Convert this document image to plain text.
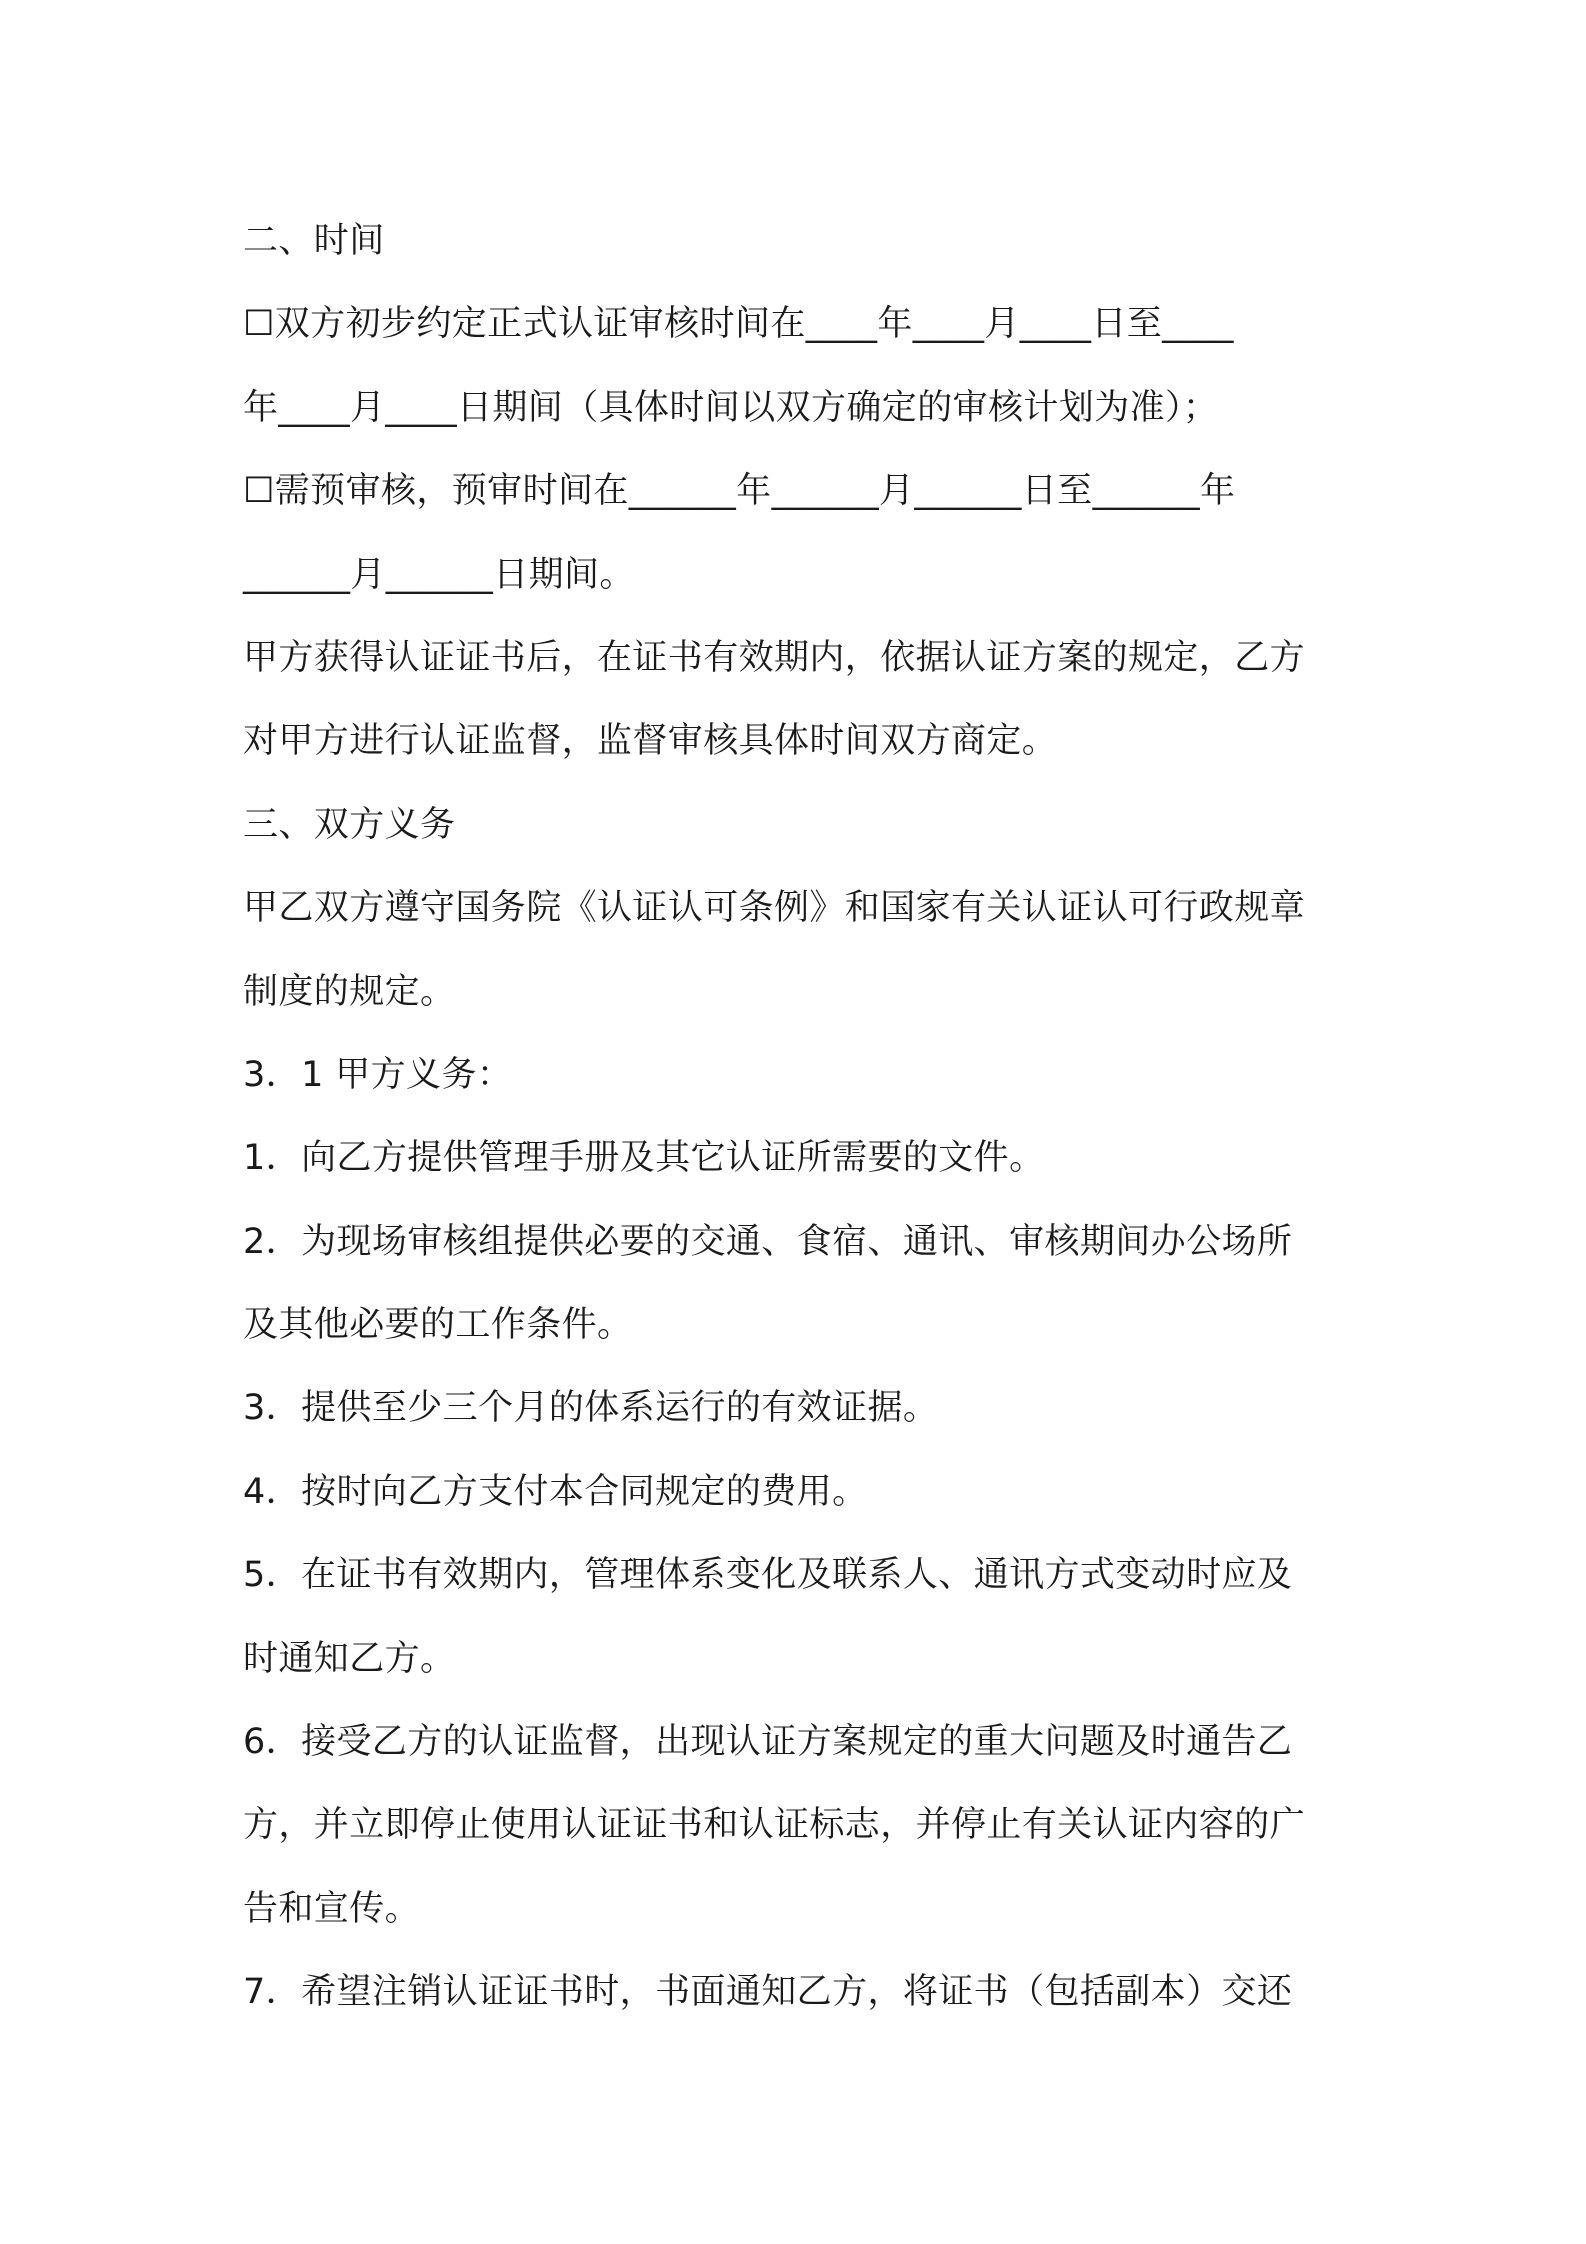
二、时间
☐双方初步约定正式认证审核时间在____年____月____日至____
年____月____日期间（具体时间以双方确定的审核计划为准）；
☐需预审核，预审时间在______年______月______日至______年
______月______日期间。
甲方获得认证证书后，在证书有效期内，依据认证方案的规定，乙方
对甲方进行认证监督，监督审核具体时间双方商定。
三、双方义务
甲乙双方遵守国务院《认证认可条例》和国家有关认证认可行政规章
制度的规定。
3．1 甲方义务：
1．向乙方提供管理手册及其它认证所需要的文件。
2．为现场审核组提供必要的交通、食宿、通讯、审核期间办公场所
及其他必要的工作条件。
3．提供至少三个月的体系运行的有效证据。
4．按时向乙方支付本合同规定的费用。
5．在证书有效期内，管理体系变化及联系人、通讯方式变动时应及
时通知乙方。
6．接受乙方的认证监督，出现认证方案规定的重大问题及时通告乙
方，并立即停止使用认证证书和认证标志，并停止有关认证内容的广
告和宣传。
7．希望注销认证证书时，书面通知乙方，将证书（包括副本）交还
